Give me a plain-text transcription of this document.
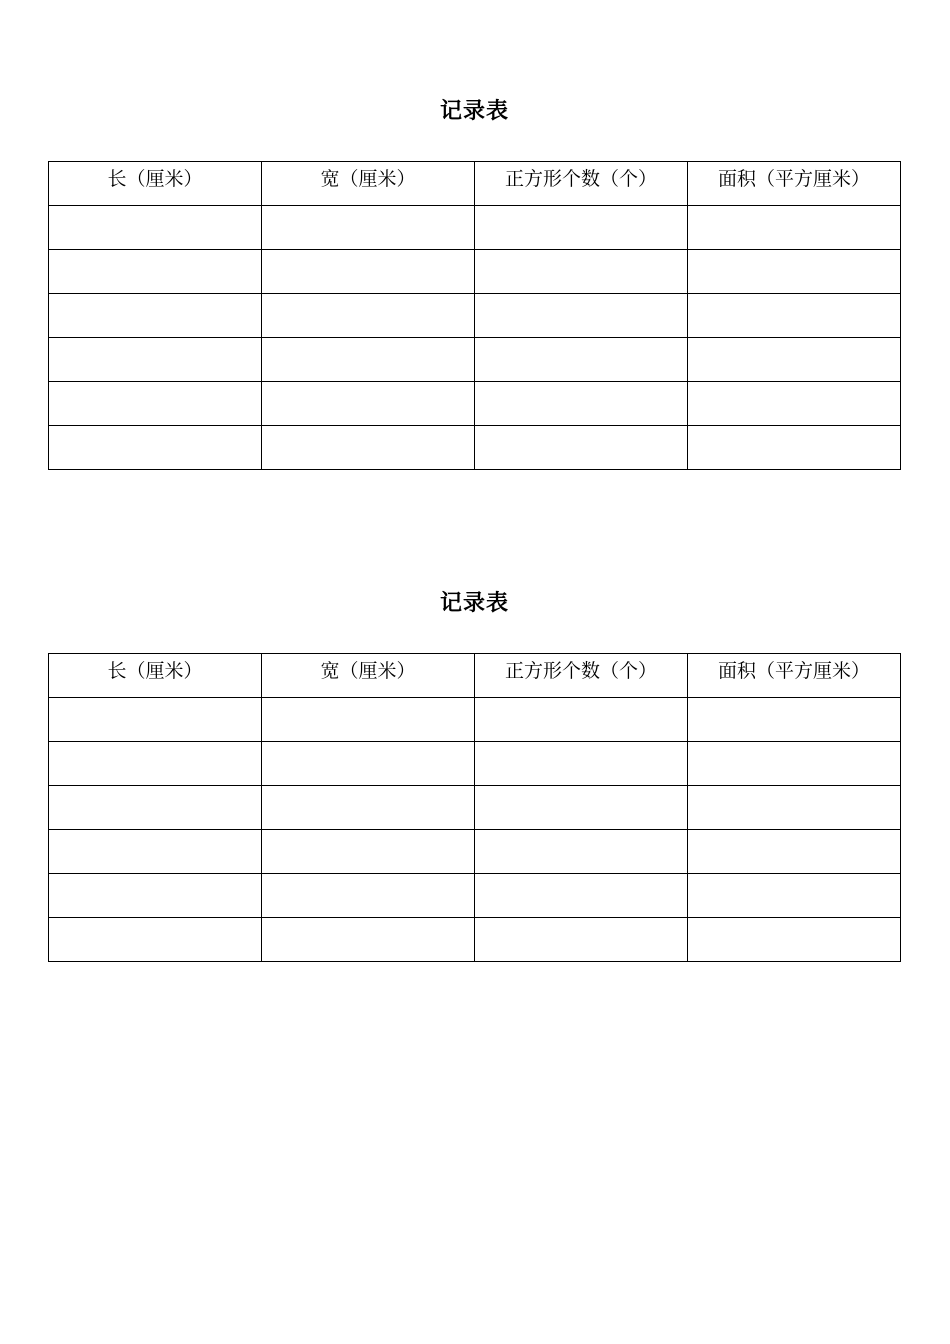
记录表
长（厘米）	宽（厘米）	正方形个数（个）	面积（平方厘米）

记录表
长（厘米）	宽（厘米）	正方形个数（个）	面积（平方厘米）
